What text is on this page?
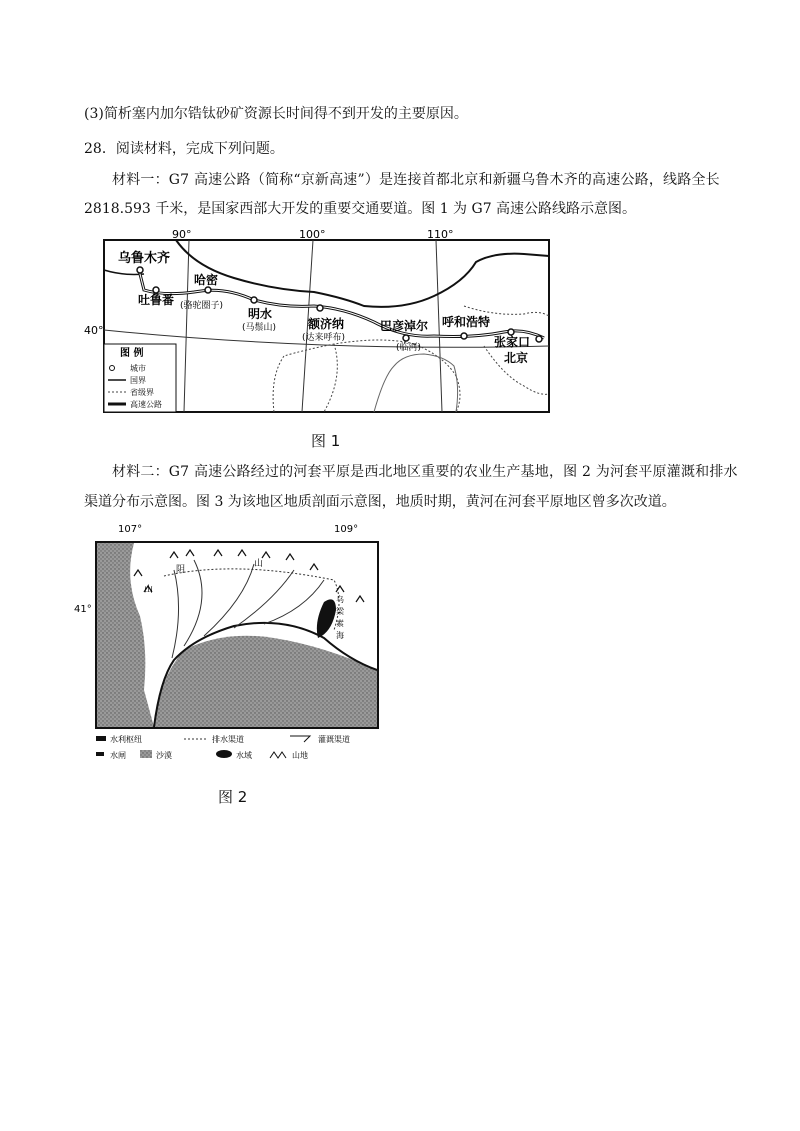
(3)简析塞内加尔锆钛砂矿资源长时间得不到开发的主要原因。
28．阅读材料，完成下列问题。
材料一：G7 高速公路（简称“京新高速”）是连接首都北京和新疆乌鲁木齐的高速公路，线路全长
2818.593 千米，是国家西部大开发的重要交通要道。图 1 为 G7 高速公路线路示意图。
90°	100°	110°
40°
乌鲁木齐
哈密
吐鲁番 (骆驼圈子)
明水
(马鬃山)	额济纳
(达来呼布)
巴彦淖尔
(临河)
呼和浩特
张家口
北京
图 例
城市
国界
省级界
高速公路
图 1
材料二：G7 高速公路经过的河套平原是西北地区重要的农业生产基地，图 2 为河套平原灌溉和排水
渠道分布示意图。图 3 为该地区地质剖面示意图，地质时期，黄河在河套平原地区曾多次改道。
107°	109°
41°
阴
山
山
乌
梁
素
海
水利枢纽	排水渠道	灌溉渠道
水闸	沙漠	水域	山地
图 2
